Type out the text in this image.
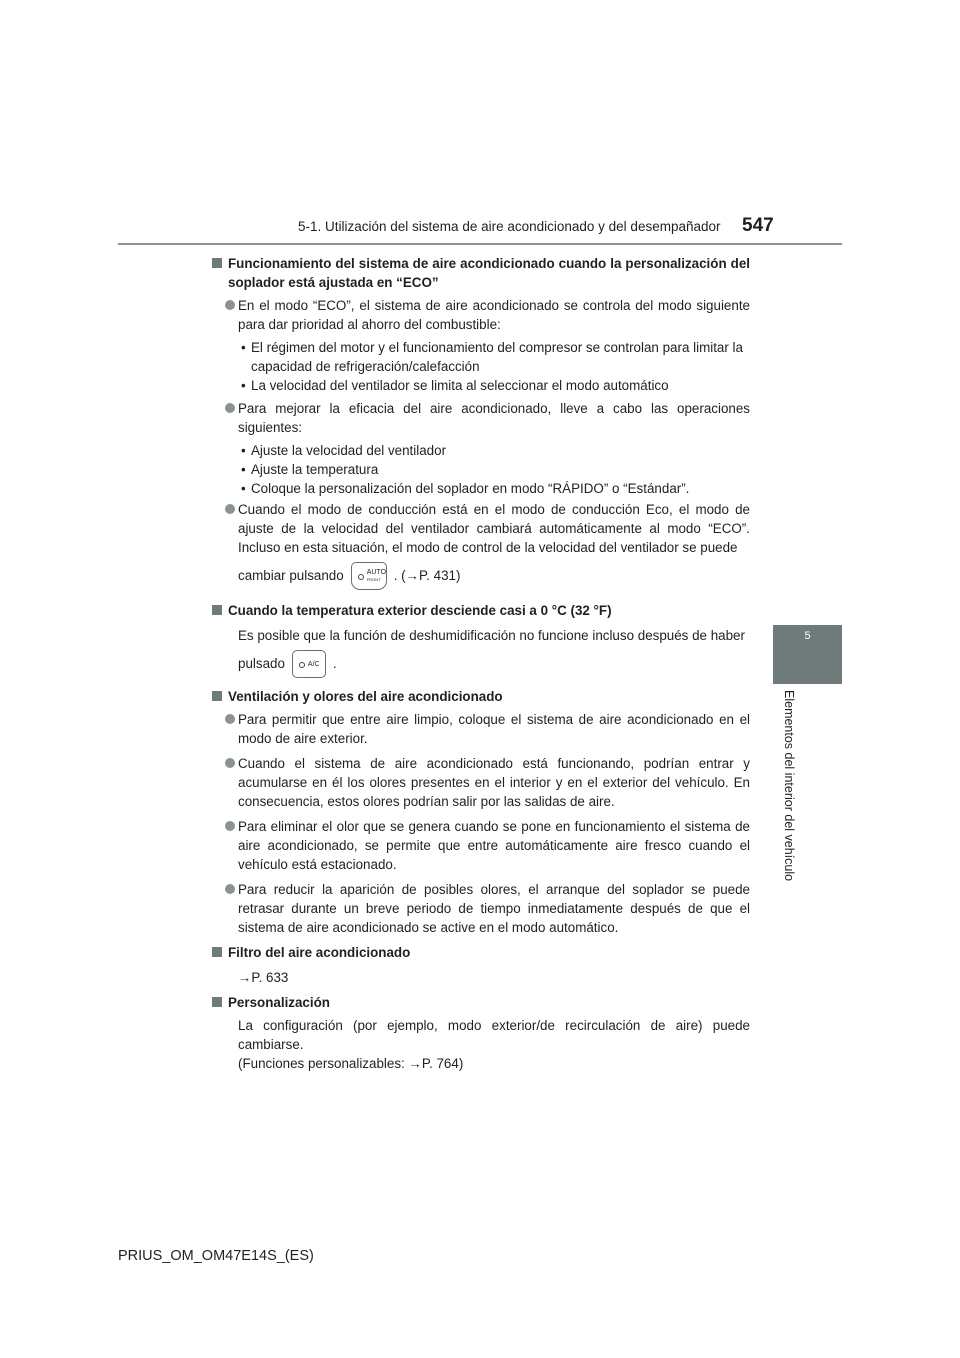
5-1. Utilización del sistema de aire acondicionado y del desempañador 547
5
Elementos del interior del vehículo
Funcionamiento del sistema de aire acondicionado cuando la personalización del soplador está ajustada en “ECO”
En el modo “ECO”, el sistema de aire acondicionado se controla del modo siguiente para dar prioridad al ahorro del combustible:
• El régimen del motor y el funcionamiento del compresor se controlan para limitar la capacidad de refrigeración/calefacción
• La velocidad del ventilador se limita al seleccionar el modo automático
Para mejorar la eficacia del aire acondicionado, lleve a cabo las operaciones siguientes:
• Ajuste la velocidad del ventilador
• Ajuste la temperatura
• Coloque la personalización del soplador en modo “RÁPIDO” o “Estándar”.
Cuando el modo de conducción está en el modo de conducción Eco, el modo de ajuste de la velocidad del ventilador cambiará automáticamente al modo “ECO”. Incluso en esta situación, el modo de control de la velocidad del ventilador se puede
cambiar pulsando	AUTO
FRONT . (→P. 431)
Cuando la temperatura exterior desciende casi a 0 °C (32 °F)
Es posible que la función de deshumidificación no funcione incluso después de haber
pulsado	A/C .
Ventilación y olores del aire acondicionado
Para permitir que entre aire limpio, coloque el sistema de aire acondicionado en el modo de aire exterior.
Cuando el sistema de aire acondicionado está funcionando, podrían entrar y acumularse en él los olores presentes en el interior y en el exterior del vehículo. En consecuencia, estos olores podrían salir por las salidas de aire.
Para eliminar el olor que se genera cuando se pone en funcionamiento el sistema de aire acondicionado, se permite que entre automáticamente aire fresco cuando el vehículo está estacionado.
Para reducir la aparición de posibles olores, el arranque del soplador se puede retrasar durante un breve periodo de tiempo inmediatamente después de que el sistema de aire acondicionado se active en el modo automático.
Filtro del aire acondicionado
→P. 633
Personalización
La configuración (por ejemplo, modo exterior/de recirculación de aire) puede cambiarse.
(Funciones personalizables: →P. 764)
PRIUS_OM_OM47E14S_(ES)
